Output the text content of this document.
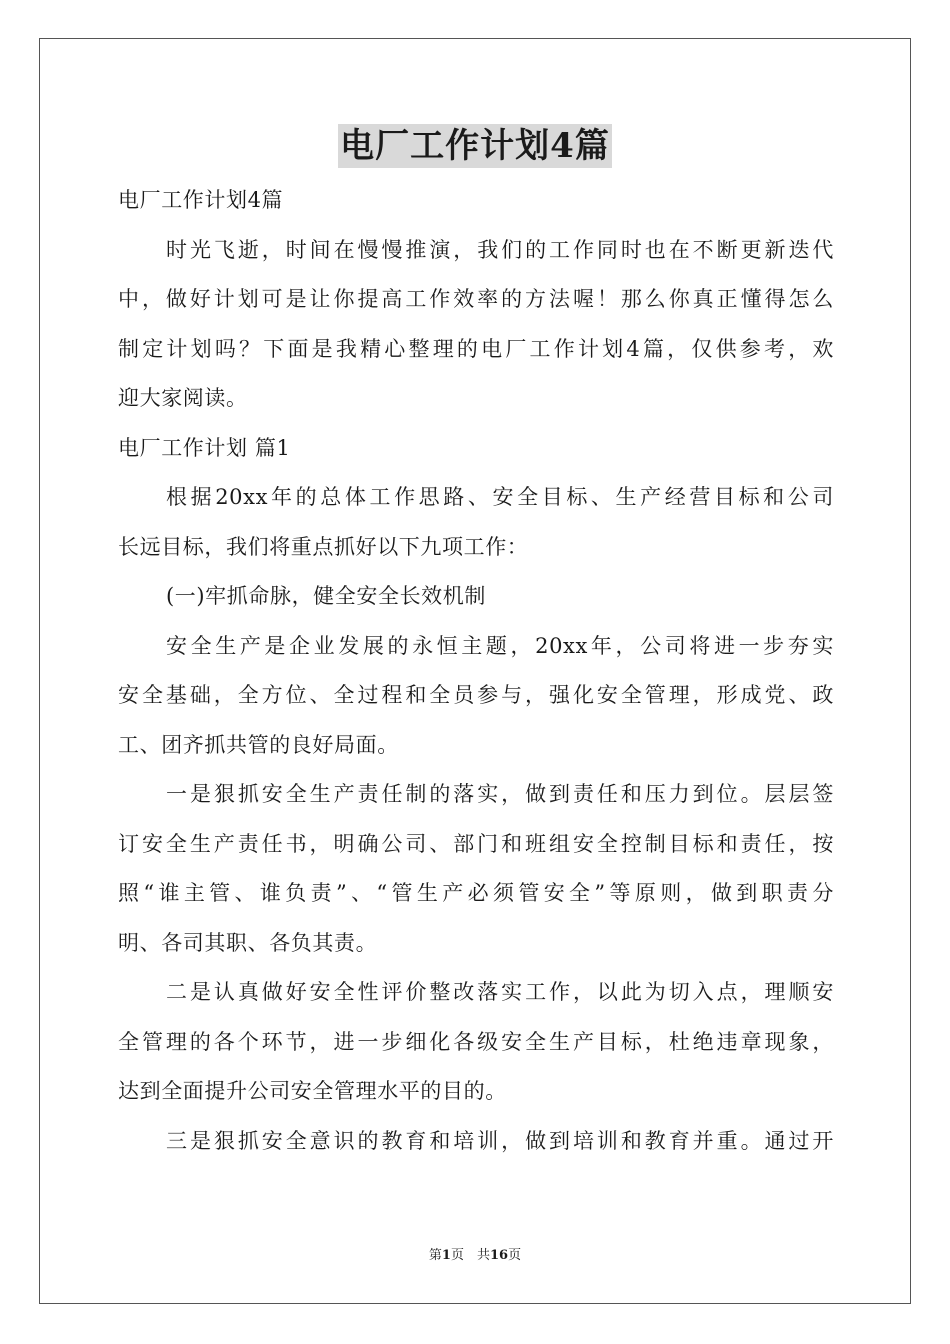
电厂工作计划4篇
电厂工作计划4篇
时光飞逝，时间在慢慢推演，我们的工作同时也在不断更新迭代
中，做好计划可是让你提高工作效率的方法喔！那么你真正懂得怎么
制定计划吗？下面是我精心整理的电厂工作计划4篇，仅供参考，欢
迎大家阅读。
电厂工作计划 篇1
根据20xx年的总体工作思路、安全目标、生产经营目标和公司
长远目标，我们将重点抓好以下九项工作：
(一)牢抓命脉，健全安全长效机制
安全生产是企业发展的永恒主题，20xx年，公司将进一步夯实
安全基础，全方位、全过程和全员参与，强化安全管理，形成党、政
工、团齐抓共管的良好局面。
一是狠抓安全生产责任制的落实，做到责任和压力到位。层层签
订安全生产责任书，明确公司、部门和班组安全控制目标和责任，按
照“谁主管、谁负责”、“管生产必须管安全”等原则，做到职责分
明、各司其职、各负其责。
二是认真做好安全性评价整改落实工作，以此为切入点，理顺安
全管理的各个环节，进一步细化各级安全生产目标，杜绝违章现象，
达到全面提升公司安全管理水平的目的。
三是狠抓安全意识的教育和培训，做到培训和教育并重。通过开
第1页　共16页
